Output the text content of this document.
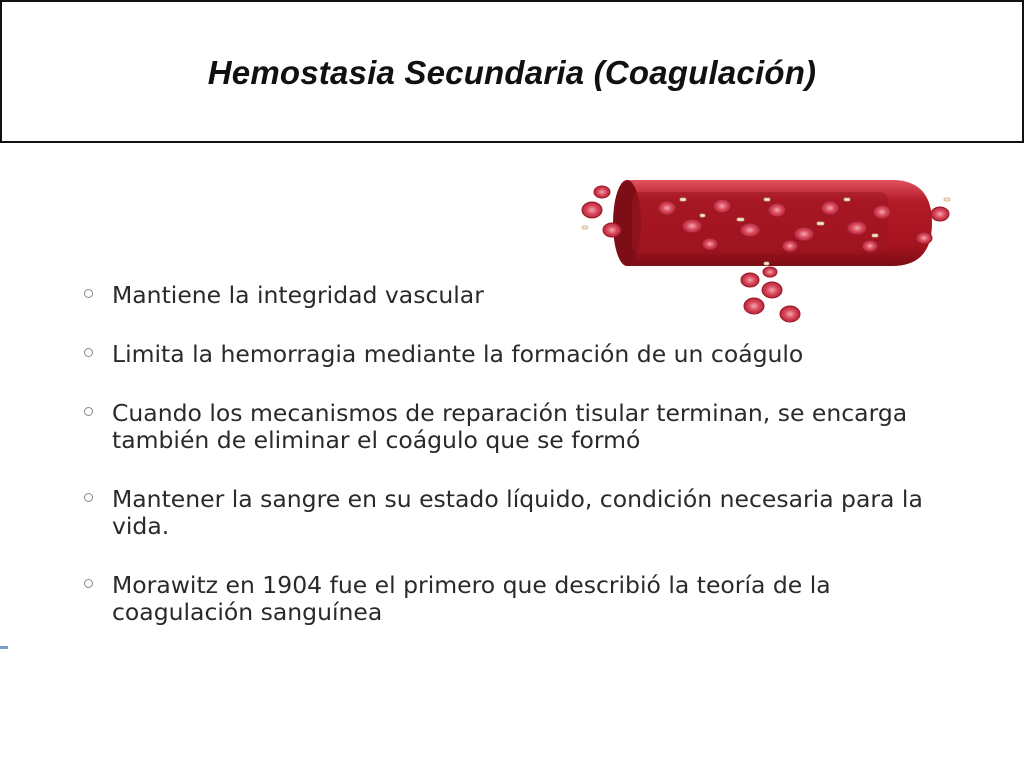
Hemostasia Secundaria (Coagulación)
Mantiene la integridad vascular
Limita la hemorragia mediante la formación de un coágulo
Cuando los mecanismos de reparación tisular terminan, se encarga también de eliminar el coágulo que se formó
Mantener la sangre en su estado líquido, condición necesaria para la vida.
Morawitz en 1904 fue el primero que describió la teoría de la coagulación sanguínea
